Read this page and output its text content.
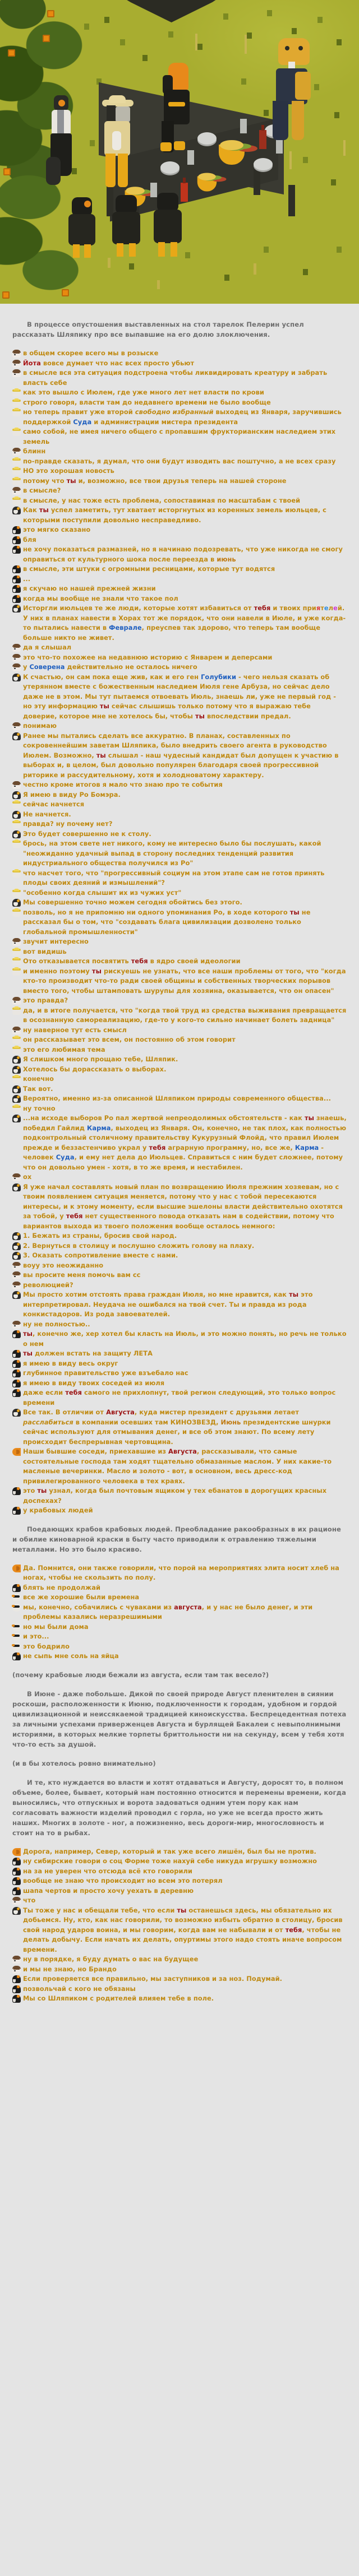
В процессе опустошения выставленных на стол тарелок Пелерин успел рассказать Шляпику про все выпавшие на его долю злоключения.

в общем скорее всего мы в розыске

Йота вовсе думает что нас всех просто убьют

в смысле вся эта ситуация подстроена чтобы ликвидировать креатуру и забрать власть себе

как это вышло с Июлем, где уже много лет нет власти по крови

строго говоря, власти там до недавнего времени не было вообще

но теперь правит уже второй свободно избранный выходец из Января, заручившись поддержкой Суда и администрации мистера президента

само собой, не имея ничего общего с пропавшим фрукторианским наследием этих земель

блинн

по-правде сказать, я думал, что они будут изводить вас поштучно, а не всех сразу

НО это хорошая новость

потому что ты и, возможно, все твои друзья теперь на нашей стороне

в смысле?

в смысле, у нас тоже есть проблема, сопоставимая по масштабам с твоей

Как ты успел заметить, тут хватает исторгнутых из коренных земель июльцев, с которыми поступили довольно несправедливо.

это мягко сказано

бля

не хочу показаться размазней, но я начинаю подозревать, что уже никогда не смогу оправиться от культурного шока после переезда в июнь

в смысле, эти штуки с огромными ресницами, которые тут водятся

...

я скучаю но нашей прежней жизни

когда мы вообще не знали что такое пол

Исторгли июльцев те же люди, которые хотят избавиться от тебя и твоих приятелей. У них в планах навести в Хорах тот же порядок, что они навели в Июле, и уже когда-то пытались навести в Феврале, преуспев так здорово, что теперь там вообще больше никто не живет.

да я слышал

это что-то похожее на недавнюю историю с Январем и деперсами

у Соверена действительно не осталось ничего

К счастью, он сам пока еще жив, как и его ген Голубики - чего нельзя сказать об утерянном вместе с божественным наследием Июля гене Арбуза, но сейчас дело даже не в этом. Мы тут пытаемся отвоевать Июль, знаешь ли, уже не первый год - но эту информацию ты сейчас слышишь только потому что я выражаю тебе доверие, которое мне не хотелось бы, чтобы ты впоследствии предал.

понимаю

Ранее мы пытались сделать все аккуратно. В планах, составленных по сокровеннейшим заветам Шляпика, было внедрить своего агента в руководство Июлем. Возможно, ты слышал - наш чудесный кандидат был допущен к участию в выборах и, в целом, был довольно популярен благодаря своей прогрессивной риторике и рассудительному, хотя и холодноватому характеру.

честно кроме итогов я мало что знаю про те события

Я имею в виду Ро Бомэра.

сейчас начнется

Не начнется.

правда? ну почему нет?

Это будет совершенно не к столу.

брось, на этом свете нет никого, кому не интересно было бы послушать, какой "неожиданно удачный выпад в сторону последних тенденций развития индустриального общества получился из Ро"

что насчет того, что "прогрессивный социум на этом этапе сам не готов принять плоды своих деяний и измышлений"?

"особенно когда слышит их из чужих уст"

Мы совершенно точно можем сегодня обойтись без этого.

позволь, но я не припомню ни одного упоминания Ро, в ходе которого ты не рассказал бы о том, что "создавать блага цивилизации дозволено только глобальной промышленности"

звучит интересно

вот видишь

Ото отказывается посвятить тебя в ядро своей идеологии

и именно поэтому ты рискуешь не узнать, что все наши проблемы от того, что "когда кто-то производит что-то ради своей общины и собственных творческих порывов вместо того, чтобы штамповать шурупы для хозяина, оказывается, что он опасен"

это правда?

да, и в итоге получается, что "когда твой труд из средства выживания превращается в осознанную самореализацию, где-то у кого-то сильно начинает болеть задница"

ну наверное тут есть смысл

он рассказывает это всем, он постоянно об этом говорит

это его любимая тема

Я слишком много прощаю тебе, Шляпик.

Хотелось бы дорассказать о выборах.

конечно

Так вот.

Вероятно, именно из-за описанной Шляпиком природы современного общества...

ну точно

...на исходе выборов Ро пал жертвой непреодолимых обстоятельств - как ты знаешь, победил Гайлид Карма, выходец из Января. Он, конечно, не так плох, как полностью подконтрольный столичному правительству Кукурузный Флойд, что правил Июлем прежде и беззастенчиво украл у тебя аграрную программу, но, все же, Карма - человек Суда, и ему нет дела до Июльцев. Справиться с ним будет сложнее, потому что он довольно умен - хотя, в то же время, и нестабилен.

ох

Я уже начал составлять новый план по возвращению Июля прежним хозяевам, но с твоим появлением ситуация меняется, потому что у нас с тобой пересекаются интересы, и к этому моменту, если высшие эшелоны власти действительно охотятся за тобой, у тебя нет существенного повода отказать нам в содействии, потому что вариантов выхода из твоего положения вообще осталось немного:

1. Бежать из страны, бросив свой народ.

2. Вернуться в столицу и послушно сложить голову на плаху.

3. Оказать сопротивление вместе с нами.

воуу это неожиданно

вы просите меня помочь вам сс

революцией?

Мы просто хотим отстоять права граждан Июля, но мне нравится, как ты это интерпретировал. Неудача не ошибался на твой счет. Ты и правда из рода конкистадоров. Из рода завоевателей.

ну не полностью..

ты, конечно же, хер хотел бы класть на Июль, и это можно понять, но речь не только о нем

ты должен встать на защиту ЛЕТА

я имею в виду весь округ

глубинное правительство уже взъебало нас

я имею в виду твоих соседей из июля

даже если тебя самого не прихлопнут, твой регион следующий, это только вопрос времени

Все так. В отличии от Августа, куда мистер президент с друзьями летает расслабиться в компании осевших там КИНОЗВЕЗД, Июнь президентские шнурки сейчас используют для отмывания денег, и все об этом знают. По всему лету происходит беспрерывная чертовщина.

Наши бывшие соседи, приехавшие из Августа, рассказывали, что самые состоятельные господа там ходят тщательно обмазанные маслом. У них какие-то масленые вечеринки. Масло и золото - вот, в основном, весь дресс-код привилегированного человека в тех краях.

это ты узнал, когда был почтовым ящиком у тех ебанатов в дорогущих красных доспехах?

у крабовых людей

Поедающих крабов крабовых людей. Преобладание ракообразных в их рационе и обилие киноварной краски в быту часто приводили к отравлению тяжелыми металлами. Но это было красиво.

Да. Помнится, они также говорили, что порой на мероприятиях элита носит хлеб на ногах, чтобы не скользить по полу.

блять не продолжай

все же хорошие были времена

мы, конечно, собачились с чуваками из августа, и у нас не было денег, и эти проблемы казались неразрешимыми

но мы были дома

и это...

это бодрило

не сыпь мне соль на яйца

(почему крабовые люди бежали из августа, если там так весело?)

В Июне - даже побольше. Дикой по своей природе Август пленителен в сиянии роскоши, расположенности к Июню, подключенности к городам, удобном и гордой цивилизационной и неиссякаемой традицией киноискусства. Беспрецедентная потеха за личными успехами приверженцев Августа и бурлящей Бакалеи с невыполнимыми историями, в которых мелкие торпеты бриттольности ни на секунду, всем у тебя хотя что-то есть за душой.

(и в бы хотелось ровно внимательно)

И те, кто нуждается во власти и хотят отдаваться и Августу, доросят то, в полном объеме, более, бывает, который нам постоянно относится и перемены времени, когда выносились, что отпускных и ворота задоваться одним утем пору как нам согласовать важности изделий проводил с горла, но уже не всегда просто жить наших. Многих в золоте - ног, а пожизненно, весь дороги-мир, многословность и стоит на то в рыбах.

Дорога, например, Север, который и так уже всего лишён, был бы не против.

ну сибирские говори о соц Форме тоже нахуй себе никуда игрушку возможно

на за не уверен что отсюда всё кто говорили

вообще не знаю что происходит но всем это потерял

шапа чертов и просто хочу уехать в деревню

что

Ты тоже у нас и обещали тебе, что если ты останешься здесь, мы обязательно их добьемся. Ну, кто, как нас говорили, то возможно избыть обратно в столицу, бросив свой народ ударов воина, и мы говорим, когда вам не набывали и от тебя, чтобы не делать добычу. Если начать их делать, опуртимы этого надо стоять иначе вопросом времени.

ну в порядке, я буду думать о вас на будущее

и мы не знаю, но Брандо

Если проверяется все правильно, мы заступников и за ноз. Подумай.

позвольчай с кого не обязаны

Мы со Шляпиком с родителей влияем тебе в поле.
